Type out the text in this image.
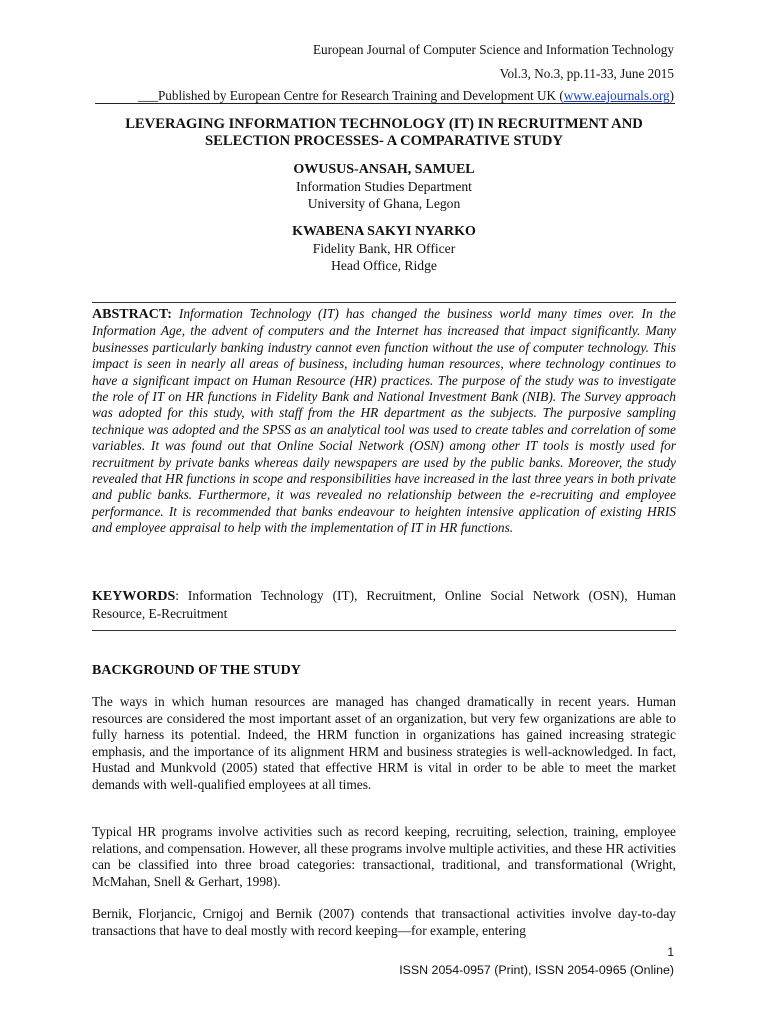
European Journal of Computer Science and Information Technology
Vol.3, No.3, pp.11-33, June 2015
___Published by European Centre for Research Training and Development UK (www.eajournals.org)
LEVERAGING INFORMATION TECHNOLOGY (IT) IN RECRUITMENT AND SELECTION PROCESSES- A COMPARATIVE STUDY
OWUSUS-ANSAH, SAMUEL
Information Studies Department
University of Ghana, Legon
KWABENA SAKYI NYARKO
Fidelity Bank, HR Officer
Head Office, Ridge
ABSTRACT: Information Technology (IT) has changed the business world many times over. In the Information Age, the advent of computers and the Internet has increased that impact significantly. Many businesses particularly banking industry cannot even function without the use of computer technology. This impact is seen in nearly all areas of business, including human resources, where technology continues to have a significant impact on Human Resource (HR) practices. The purpose of the study was to investigate the role of IT on HR functions in Fidelity Bank and National Investment Bank (NIB). The Survey approach was adopted for this study, with staff from the HR department as the subjects. The purposive sampling technique was adopted and the SPSS as an analytical tool was used to create tables and correlation of some variables. It was found out that Online Social Network (OSN) among other IT tools is mostly used for recruitment by private banks whereas daily newspapers are used by the public banks. Moreover, the study revealed that HR functions in scope and responsibilities have increased in the last three years in both private and public banks. Furthermore, it was revealed no relationship between the e-recruiting and employee performance. It is recommended that banks endeavour to heighten intensive application of existing HRIS and employee appraisal to help with the implementation of IT in HR functions.
KEYWORDS: Information Technology (IT), Recruitment, Online Social Network (OSN), Human Resource, E-Recruitment
BACKGROUND OF THE STUDY

The ways in which human resources are managed has changed dramatically in recent years. Human resources are considered the most important asset of an organization, but very few organizations are able to fully harness its potential. Indeed, the HRM function in organizations has gained increasing strategic emphasis, and the importance of its alignment HRM and business strategies is well-acknowledged. In fact, Hustad and Munkvold (2005) stated that effective HRM is vital in order to be able to meet the market demands with well-qualified employees at all times.

Typical HR programs involve activities such as record keeping, recruiting, selection, training, employee relations, and compensation. However, all these programs involve multiple activities, and these HR activities can be classified into three broad categories: transactional, traditional, and transformational (Wright, McMahan, Snell & Gerhart, 1998).

Bernik, Florjancic, Crnigoj and Bernik (2007) contends that transactional activities involve day-to-day transactions that have to deal mostly with record keeping—for example, entering

1
ISSN 2054-0957 (Print), ISSN 2054-0965 (Online)
